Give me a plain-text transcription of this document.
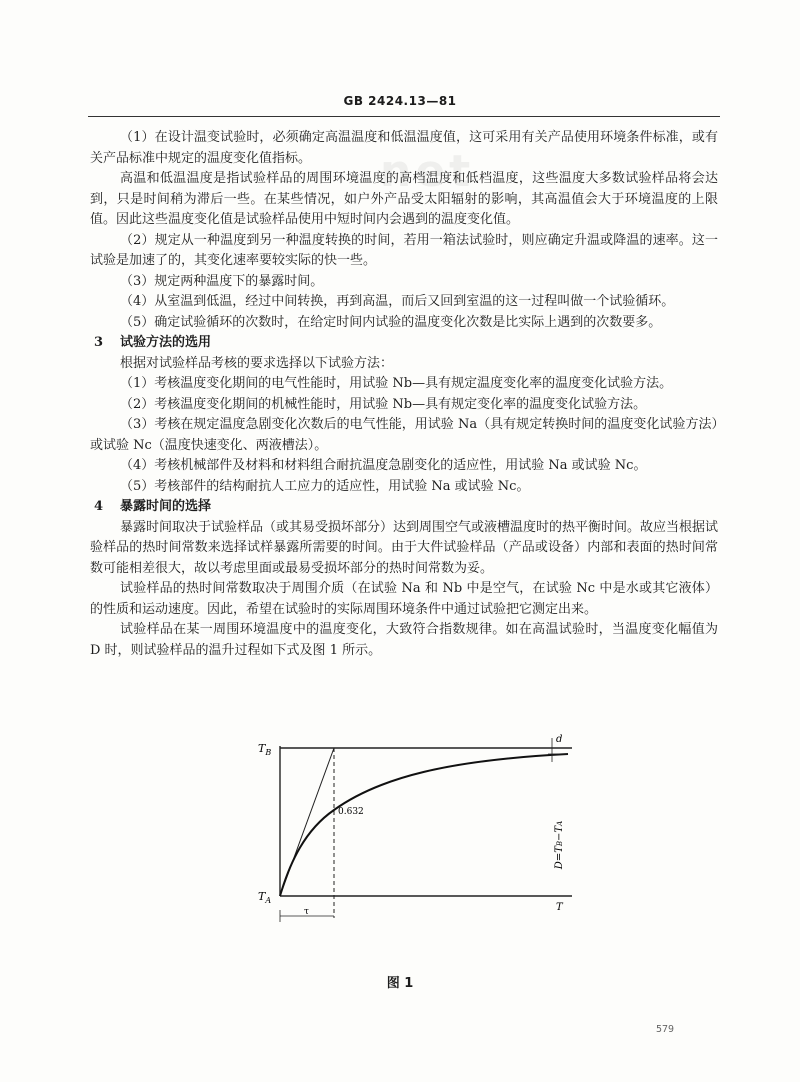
GB 2424.13—81
net

（1）在设计温变试验时，必须确定高温温度和低温温度值，这可采用有关产品使用环境条件标准，或有关产品标准中规定的温度变化值指标。

高温和低温温度是指试验样品的周围环境温度的高档温度和低档温度，这些温度大多数试验样品将会达到，只是时间稍为滞后一些。在某些情况，如户外产品受太阳辐射的影响，其高温值会大于环境温度的上限值。因此这些温度变化值是试验样品使用中短时间内会遇到的温度变化值。

（2）规定从一种温度到另一种温度转换的时间，若用一箱法试验时，则应确定升温或降温的速率。这一试验是加速了的，其变化速率要较实际的快一些。

（3）规定两种温度下的暴露时间。

（4）从室温到低温，经过中间转换，再到高温，而后又回到室温的这一过程叫做一个试验循环。

（5）确定试验循环的次数时，在给定时间内试验的温度变化次数是比实际上遇到的次数要多。

3 试验方法的选用

根据对试验样品考核的要求选择以下试验方法：

（1）考核温度变化期间的电气性能时，用试验 Nb—具有规定温度变化率的温度变化试验方法。

（2）考核温度变化期间的机械性能时，用试验 Nb—具有规定变化率的温度变化试验方法。

（3）考核在规定温度急剧变化次数后的电气性能，用试验 Na（具有规定转换时间的温度变化试验方法）或试验 Nc（温度快速变化、两液槽法）。

（4）考核机械部件及材料和材料组合耐抗温度急剧变化的适应性，用试验 Na 或试验 Nc。

（5）考核部件的结构耐抗人工应力的适应性，用试验 Na 或试验 Nc。

4 暴露时间的选择

暴露时间取决于试验样品（或其易受损坏部分）达到周围空气或液槽温度时的热平衡时间。故应当根据试验样品的热时间常数来选择试样暴露所需要的时间。由于大件试验样品（产品或设备）内部和表面的热时间常数可能相差很大，故以考虑里面或最易受损坏部分的热时间常数为妥。

试验样品的热时间常数取决于周围介质（在试验 Na 和 Nb 中是空气，在试验 Nc 中是水或其它液体）的性质和运动速度。因此，希望在试验时的实际周围环境条件中通过试验把它测定出来。

试验样品在某一周围环境温度中的温度变化，大致符合指数规律。如在高温试验时，当温度变化幅值为 D 时，则试验样品的温升过程如下式及图 1 所示。

$T_B$
$T_A$
0.632
d
D=TB−TA
T
τ
图 1
579
